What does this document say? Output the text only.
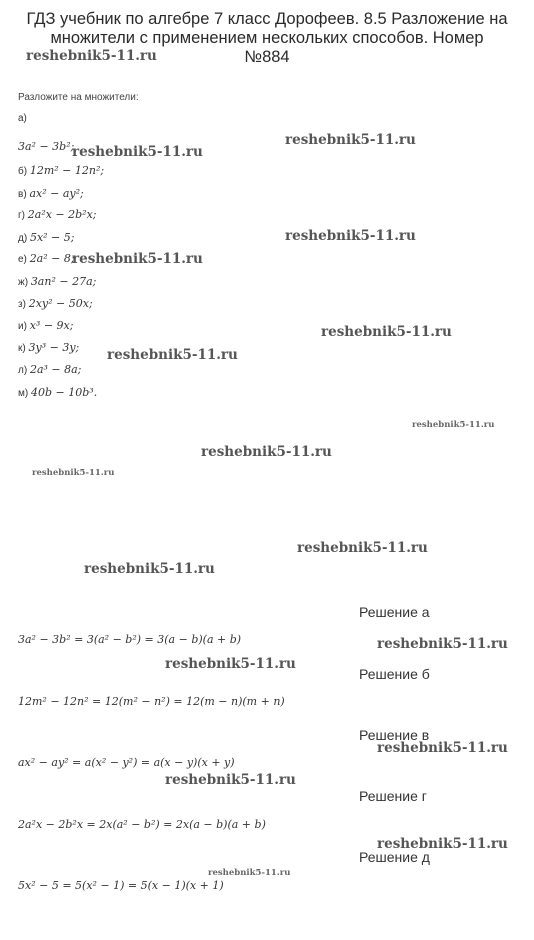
ГДЗ учебник по алгебре 7 класс Дорофеев. 8.5 Разложение на
множители с применением нескольких способов. Номер
№884
Разложите на множители:
а)
3a² − 3b²;
б) 12m² − 12n²;
в) ax² − ay²;
г) 2a²x − 2b²x;
д) 5x² − 5;
е) 2a² − 8;
ж) 3an² − 27a;
з) 2xy² − 50x;
и) x³ − 9x;
к) 3y³ − 3y;
л) 2a³ − 8a;
м) 40b − 10b³.
Решение а
3a² − 3b² = 3(a² − b²) = 3(a − b)(a + b)
Решение б
12m² − 12n² = 12(m² − n²) = 12(m − n)(m + n)
Решение в
ax² − ay² = a(x² − y²) = a(x − y)(x + y)
Решение г
2a²x − 2b²x = 2x(a² − b²) = 2x(a − b)(a + b)
Решение д
5x² − 5 = 5(x² − 1) = 5(x − 1)(x + 1)
reshebnik5-11.ru
reshebnik5-11.ru
reshebnik5-11.ru
reshebnik5-11.ru
reshebnik5-11.ru
reshebnik5-11.ru
reshebnik5-11.ru
reshebnik5-11.ru
reshebnik5-11.ru
reshebnik5-11.ru
reshebnik5-11.ru
reshebnik5-11.ru
reshebnik5-11.ru
reshebnik5-11.ru
reshebnik5-11.ru
reshebnik5-11.ru
reshebnik5-11.ru
reshebnik5-11.ru
